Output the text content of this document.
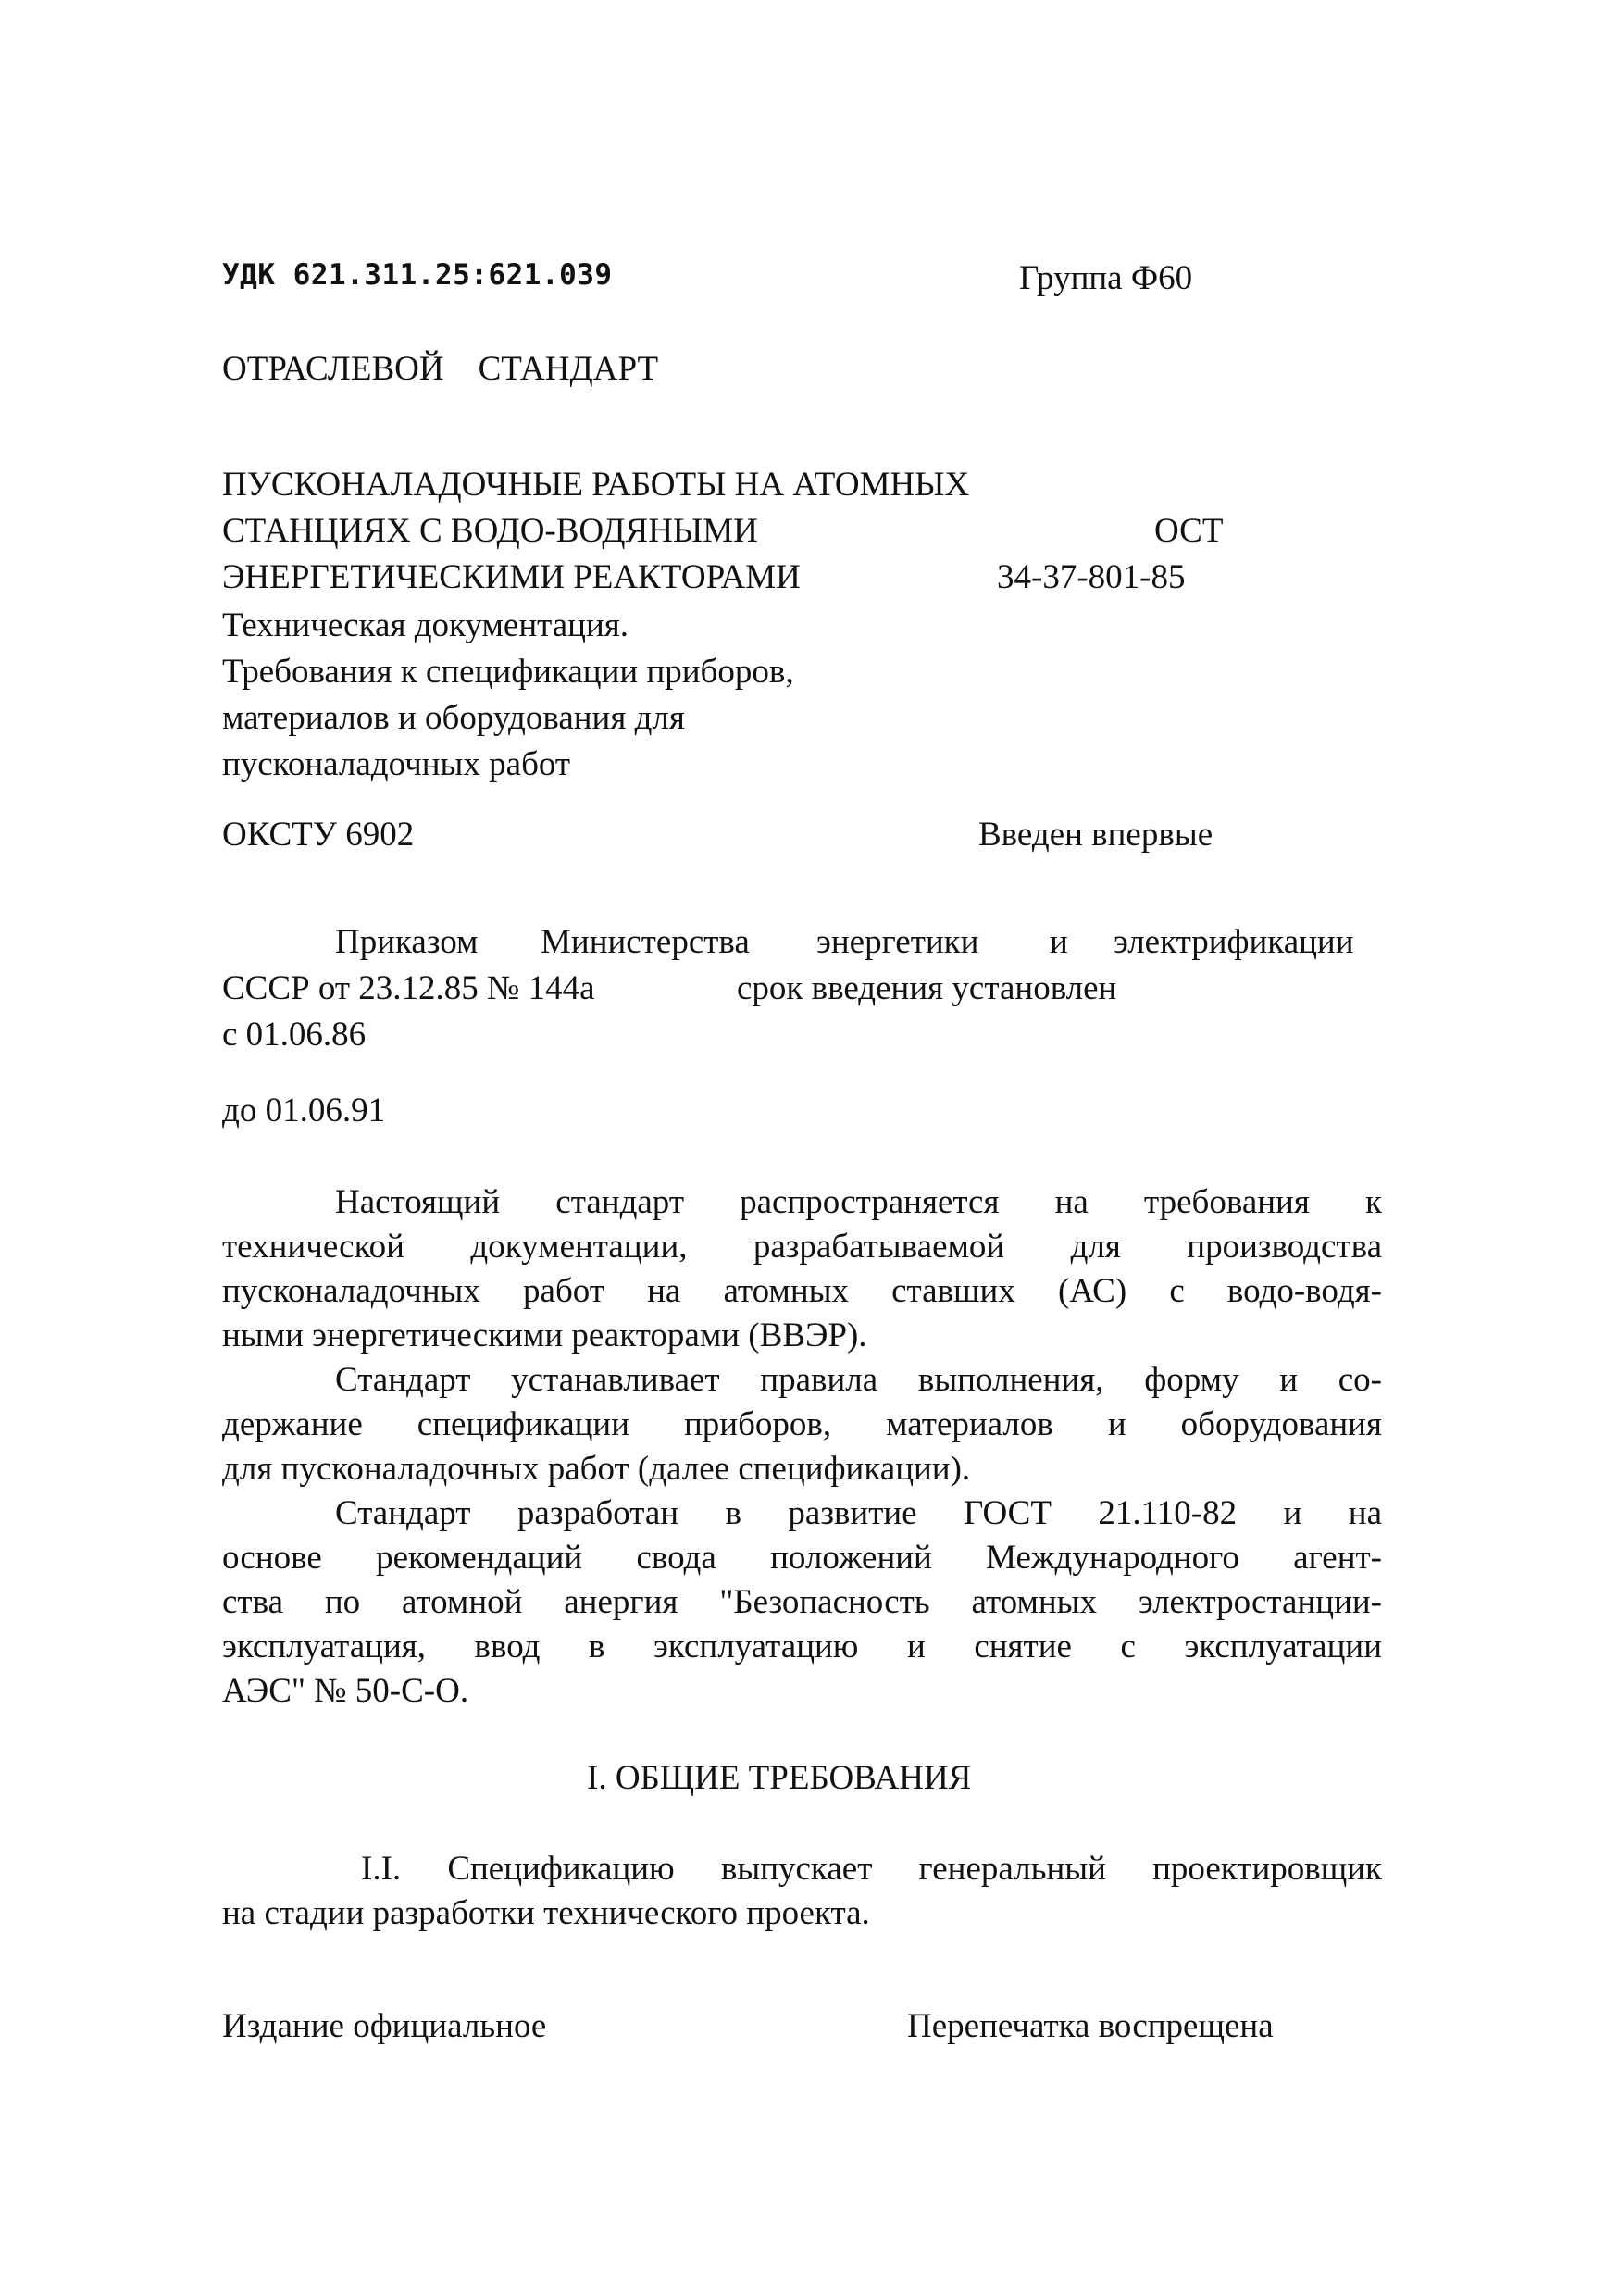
УДК 621.311.25:621.039	Группа Ф60
ОТРАСЛЕВОЙ    СТАНДАРТ
ПУСКОНАЛАДОЧНЫЕ РАБОТЫ НА АТОМНЫХ
СТАНЦИЯХ С ВОДО-ВОДЯНЫМИ	ОСТ
ЭНЕРГЕТИЧЕСКИМИ РЕАКТОРАМИ	34-37-801-85
Техническая документация.
Требования к спецификации приборов,
материалов и оборудования для
пусконаладочных работ
ОКСТУ 6902	Введен впервые
Приказом Министерства энергетики и электрификации
СССР от 23.12.85 № 144а	срок введения установлен
с 01.06.86
до 01.06.91
Настоящий стандарт распространяется на требования к
технической документации, разрабатываемой для производства
пусконаладочных работ на атомных ставших (АС) с водо-водя-
ными энергетическими реакторами (ВВЭР).
Стандарт устанавливает правила выполнения, форму и со-
держание спецификации приборов, материалов и оборудования
для пусконаладочных работ (далее спецификации).
Стандарт разработан в развитие ГОСТ 21.110-82 и на
основе рекомендаций свода положений Международного агент-
ства по атомной анергия "Безопасность атомных электростанции-
эксплуатация, ввод в эксплуатацию и снятие с эксплуатации
АЭС" № 50-С-О.
I. ОБЩИЕ ТРЕБОВАНИЯ
I.I. Спецификацию выпускает генеральный проектировщик
на стадии разработки технического проекта.
Издание официальное	Перепечатка воспрещена
